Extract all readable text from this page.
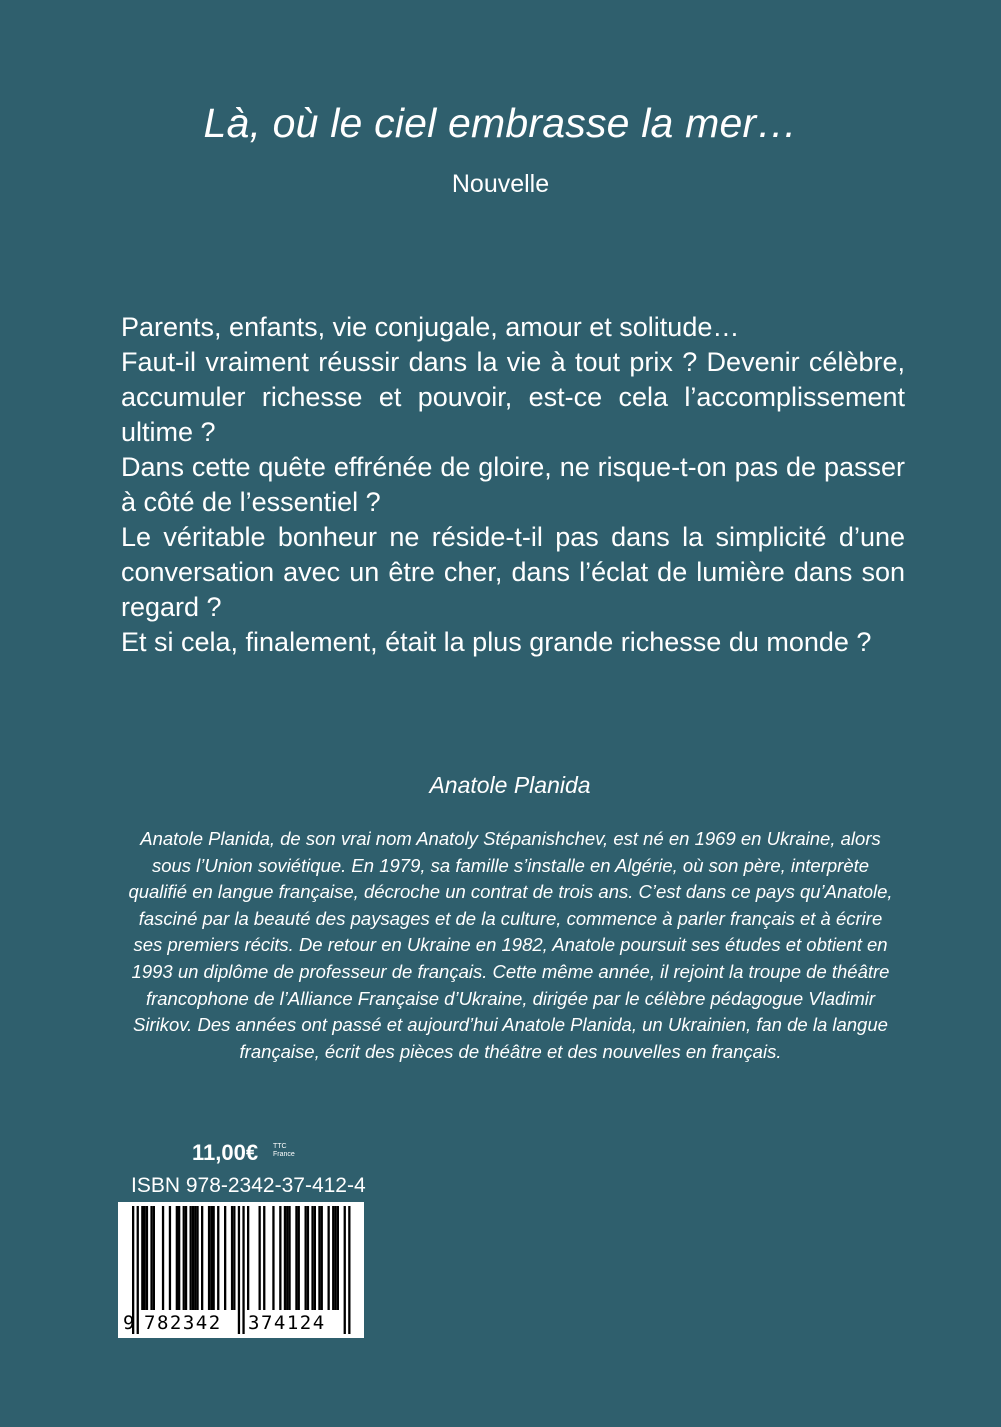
Là, où le ciel embrasse la mer…
Nouvelle

Parents, enfants, vie conjugale, amour et solitude…

Faut-il vraiment réussir dans la vie à tout prix ? Devenir célèbre, accumuler richesse et pouvoir, est-ce cela l’accomplissement ultime ?

Dans cette quête effrénée de gloire, ne risque-t-on pas de passer à côté de l’essentiel ?

Le véritable bonheur ne réside-t-il pas dans la simplicité d’une conversation avec un être cher, dans l’éclat de lumière dans son regard ?

Et si cela, finalement, était la plus grande richesse du monde ?

Anatole Planida
Anatole Planida, de son vrai nom Anatoly Stépanishchev, est né en 1969 en Ukraine, alors sous l’Union soviétique. En 1979, sa famille s’installe en Algérie, où son père, interprète qualifié en langue française, décroche un contrat de trois ans. C’est dans ce pays qu’Anatole, fasciné par la beauté des paysages et de la culture, commence à parler français et à écrire ses premiers récits. De retour en Ukraine en 1982, Anatole poursuit ses études et obtient en 1993 un diplôme de professeur de français. Cette même année, il rejoint la troupe de théâtre francophone de l’Alliance Française d’Ukraine, dirigée par le célèbre pédagogue Vladimir Sirikov. Des années ont passé et aujourd’hui Anatole Planida, un Ukrainien, fan de la langue française, écrit des pièces de théâtre et des nouvelles en français.
11,00€ TTC
France
ISBN 978-2342-37-412-4
9 782342 374124
